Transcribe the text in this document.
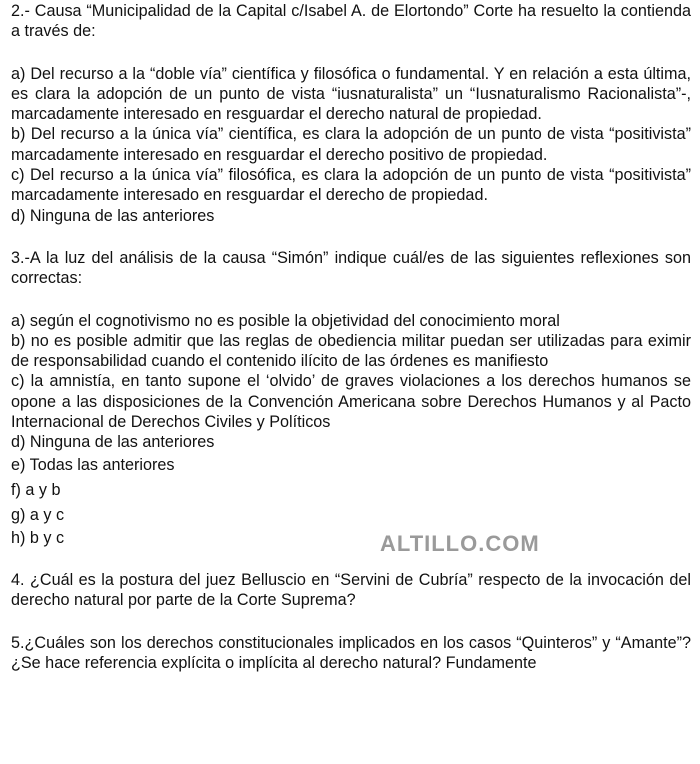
2.- Causa “Municipalidad de la Capital c/Isabel A. de Elortondo” Corte ha resuelto la contienda a través de:

a) Del recurso a la “doble vía” científica y filosófica o fundamental. Y en relación a esta última, es clara la adopción de un punto de vista “iusnaturalista” un “Iusnaturalismo Racionalista”-, marcadamente interesado en resguardar el derecho natural de propiedad.

b) Del recurso a la única vía” científica, es clara la adopción de un punto de vista “positivista” marcadamente interesado en resguardar el derecho positivo de propiedad.

c) Del recurso a la única vía” filosófica, es clara la adopción de un punto de vista “positivista” marcadamente interesado en resguardar el derecho de propiedad.

d) Ninguna de las anteriores

3.-A la luz del análisis de la causa “Simón” indique cuál/es de las siguientes reflexiones son correctas:

a) según el cognotivismo no es posible la objetividad del conocimiento moral

b) no es posible admitir que las reglas de obediencia militar puedan ser utilizadas para eximir de responsabilidad cuando el contenido ilícito de las órdenes es manifiesto

c) la amnistía, en tanto supone el ‘olvido’ de graves violaciones a los derechos humanos se opone a las disposiciones de la Convención Americana sobre Derechos Humanos y al Pacto Internacional de Derechos Civiles y Políticos

d) Ninguna de las anteriores

e) Todas las anteriores

f) a y b

g) a y c

h) b y c

4. ¿Cuál es la postura del juez Belluscio en “Servini de Cubría” respecto de la invocación del derecho natural por parte de la Corte Suprema?

5.¿Cuáles son los derechos constitucionales implicados en los casos “Quinteros” y “Amante”? ¿Se hace referencia explícita o implícita al derecho natural? Fundamente

ALTILLO.COM
